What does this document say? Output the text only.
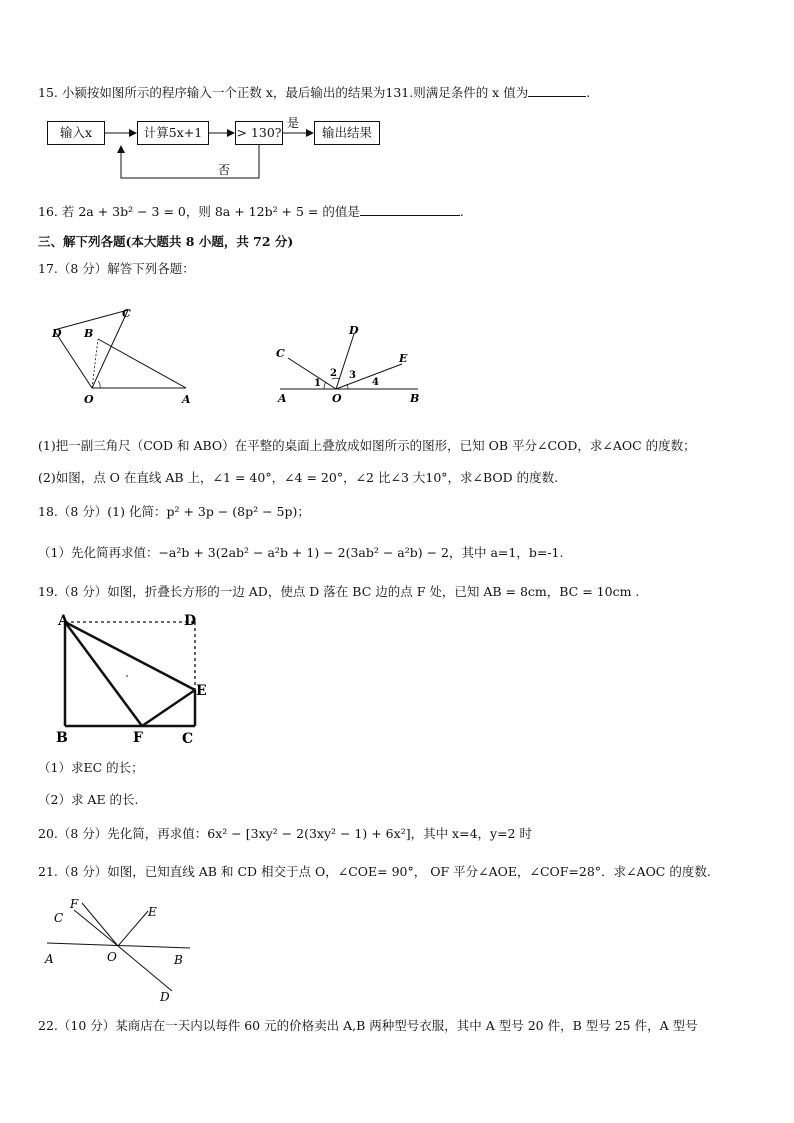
15. 小颍按如图所示的程序输入一个正数 x，最后输出的结果为131.则满足条件的 x 值为	.
输入x	计算5x+1	> 130?	输出结果
是
否
16. 若 2a + 3b² − 3 = 0，则 8a + 12b² + 5 = 的值是	.
三、解下列各题(本大题共 8 小题，共 72 分)
17.（8 分）解答下列各题：
D B
C
O	A
C
D
E
A	O	B
1
2 3
4
(1)把一副三角尺（COD 和 ABO）在平整的桌面上叠放成如图所示的图形，已知 OB 平分∠COD，求∠AOC 的度数；
(2)如图，点 O 在直线 AB 上，∠1 = 40°，∠4 = 20°，∠2 比∠3 大10°，求∠BOD 的度数.
18.（8 分）(1) 化简：p² + 3p − (8p² − 5p)；
（1）先化简再求值：−a²b + 3(2ab² − a²b + 1) − 2(3ab² − a²b) − 2，其中 a=1，b=-1.
19.（8 分）如图，折叠长方形的一边 AD，使点 D 落在 BC 边的点 F 处，已知 AB = 8cm，BC = 10cm .
A	D
E
B	F	C
（1）求EC 的长；
（2）求 AE 的长.
20.（8 分）先化简，再求值：6x² − [3xy² − 2(3xy² − 1) + 6x²]，其中 x=4，y=2 时
21.（8 分）如图，已知直线 AB 和 CD 相交于点 O，∠COE= 90°， OF 平分∠AOE，∠COF=28°．求∠AOC 的度数.
F
C	E
A	O	B
D
22.（10 分）某商店在一天内以每件 60 元的价格卖出 A,B 两种型号衣服，其中 A 型号 20 件，B 型号 25 件，A 型号
